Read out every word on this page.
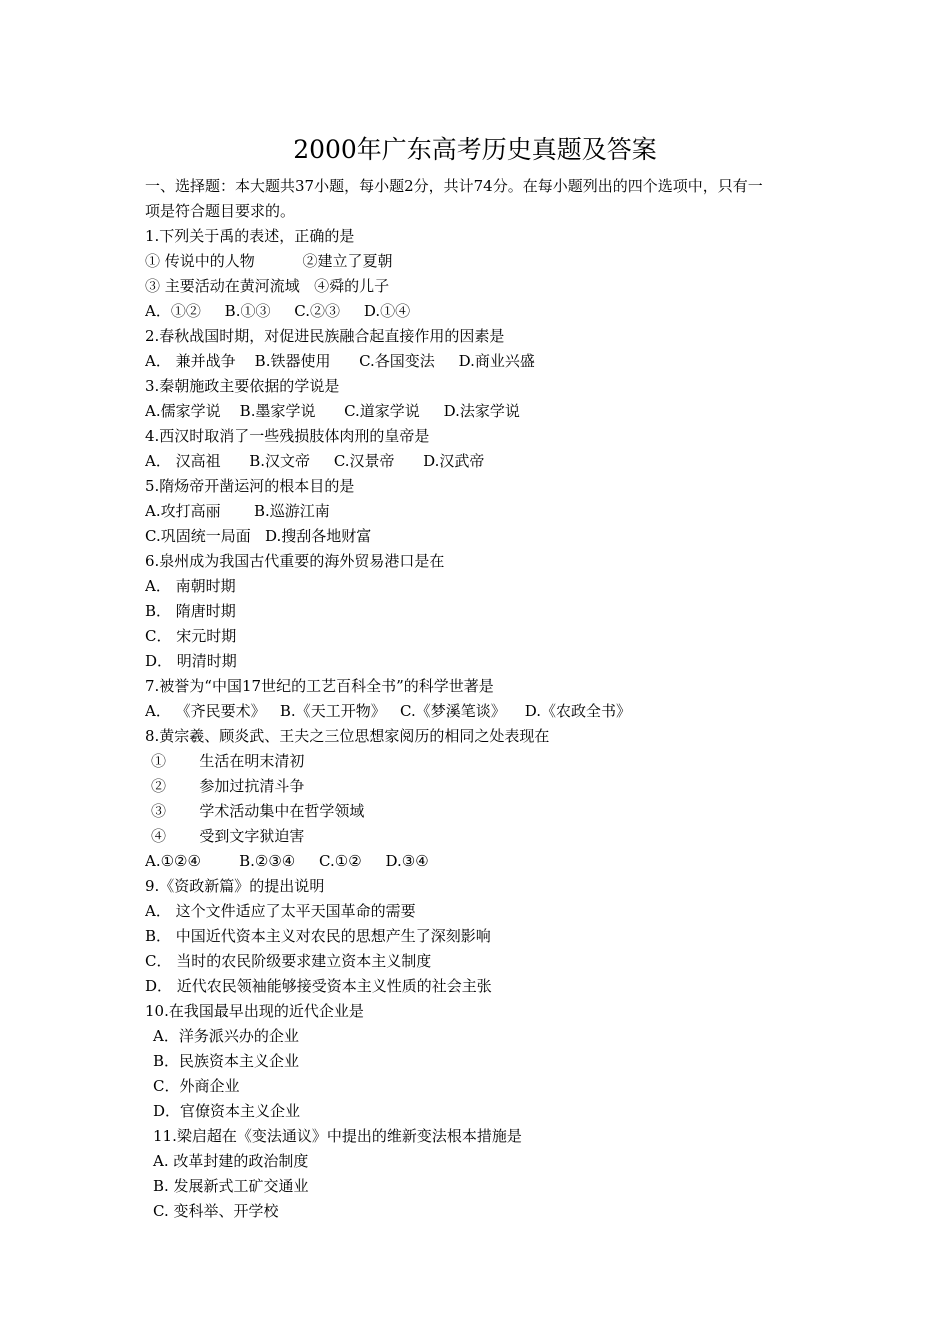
2000年广东高考历史真题及答案
一、选择题：本大题共37小题，每小题2分，共计74分。在每小题列出的四个选项中，只有一
项是符合题目要求的。
1.下列关于禹的表述，正确的是
① 传说中的人物          ②建立了夏朝
③ 主要活动在黄河流域   ④舜的儿子
A．①②     B.①③     C.②③     D.①④
2.春秋战国时期，对促进民族融合起直接作用的因素是
A． 兼并战争    B.铁器使用      C.各国变法     D.商业兴盛
3.秦朝施政主要依据的学说是
A.儒家学说    B.墨家学说      C.道家学说     D.法家学说
4.西汉时取消了一些残损肢体肉刑的皇帝是
A． 汉高祖      B.汉文帝     C.汉景帝      D.汉武帝
5.隋炀帝开凿运河的根本目的是
A.攻打高丽       B.巡游江南
C.巩固统一局面   D.搜刮各地财富
6.泉州成为我国古代重要的海外贸易港口是在
A． 南朝时期
B． 隋唐时期
C． 宋元时期
D． 明清时期
7.被誉为“中国17世纪的工艺百科全书”的科学世著是
A． 《齐民要术》   B.《天工开物》   C.《梦溪笔谈》    D.《农政全书》
8.黄宗羲、顾炎武、王夫之三位思想家阅历的相同之处表现在
①       生活在明末清初
②       参加过抗清斗争
③       学术活动集中在哲学领域
④       受到文字狱迫害
A.①②④        B.②③④     C.①②     D.③④
9.《资政新篇》的提出说明
A． 这个文件适应了太平天国革命的需要
B． 中国近代资本主义对农民的思想产生了深刻影响
C． 当时的农民阶级要求建立资本主义制度
D． 近代农民领袖能够接受资本主义性质的社会主张
10.在我国最早出现的近代企业是
A．洋务派兴办的企业
B．民族资本主义企业
C．外商企业
D．官僚资本主义企业
11.梁启超在《变法通议》中提出的维新变法根本措施是
A. 改革封建的政治制度
B. 发展新式工矿交通业
C. 变科举、开学校
